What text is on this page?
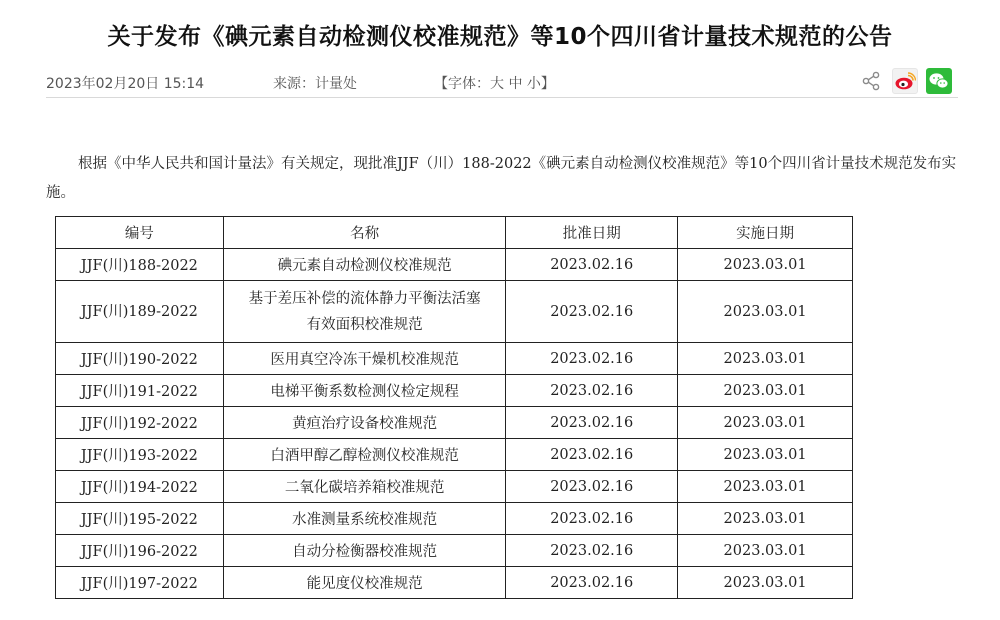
关于发布《碘元素自动检测仪校准规范》等10个四川省计量技术规范的公告
2023年02月20日 15:14	来源：计量处	【字体：大 中 小】

根据《中华人民共和国计量法》有关规定，现批准JJF（川）188-2022《碘元素自动检测仪校准规范》等10个四川省计量技术规范发布实施。

编号	名称	批准日期	实施日期
JJF(川)188-2022	碘元素自动检测仪校准规范	2023.02.16	2023.03.01
JJF(川)189-2022	基于差压补偿的流体静力平衡法活塞
有效面积校准规范	2023.02.16	2023.03.01
JJF(川)190-2022	医用真空冷冻干燥机校准规范	2023.02.16	2023.03.01
JJF(川)191-2022	电梯平衡系数检测仪检定规程	2023.02.16	2023.03.01
JJF(川)192-2022	黄疸治疗设备校准规范	2023.02.16	2023.03.01
JJF(川)193-2022	白酒甲醇乙醇检测仪校准规范	2023.02.16	2023.03.01
JJF(川)194-2022	二氧化碳培养箱校准规范	2023.02.16	2023.03.01
JJF(川)195-2022	水准测量系统校准规范	2023.02.16	2023.03.01
JJF(川)196-2022	自动分检衡器校准规范	2023.02.16	2023.03.01
JJF(川)197-2022	能见度仪校准规范	2023.02.16	2023.03.01
